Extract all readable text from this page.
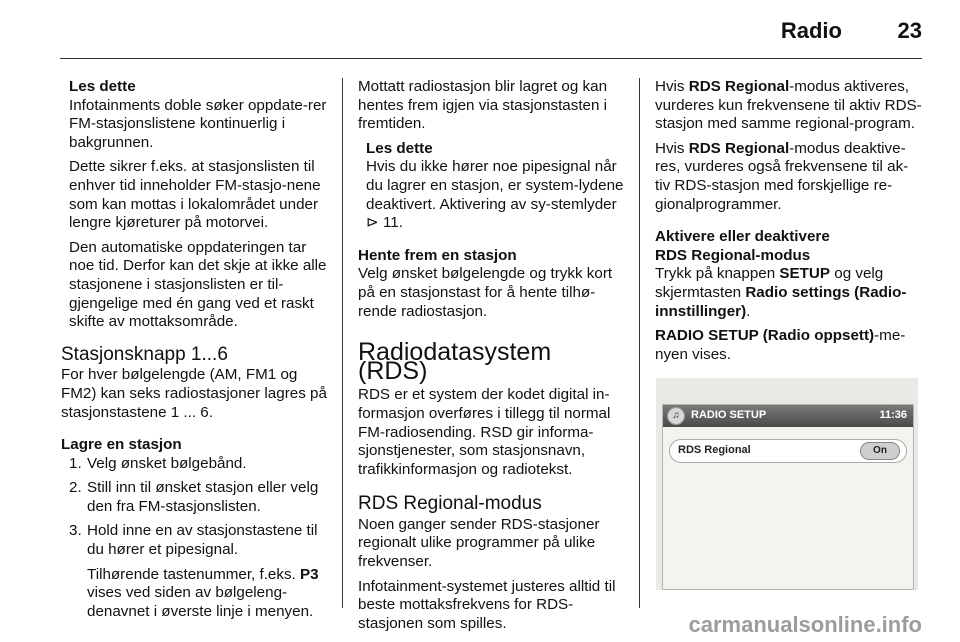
Radio	23

Les dette

Infotainments doble søker oppdate-rer FM-stasjonslistene kontinuerlig i bakgrunnen.

Dette sikrer f.eks. at stasjonslisten til enhver tid inneholder FM-stasjo-nene som kan mottas i lokalområdet under lengre kjøreturer på motorvei.

Den automatiske oppdateringen tar noe tid. Derfor kan det skje at ikke alle stasjonene i stasjonslisten er til-gjengelige med én gang ved et raskt skifte av mottaksområde.

Stasjonsknapp 1...6

For hver bølgelengde (AM, FM1 og FM2) kan seks radiostasjoner lagres på stasjonstastene 1 ... 6.

Lagre en stasjon
1. Velg ønsket bølgebånd.
2. Still inn til ønsket stasjon eller velg den fra FM-stasjonslisten.
3. Hold inne en av stasjonstastene til du hører et pipesignal.

Tilhørende tastenummer, f.eks. P3 vises ved siden av bølgeleng-denavnet i øverste linje i menyen.

Mottatt radiostasjon blir lagret og kan hentes frem igjen via stasjonstasten i fremtiden.

Les dette

Hvis du ikke hører noe pipesignal når du lagrer en stasjon, er system-lydene deaktivert. Aktivering av sy-stemlyder ⊳ 11.

Hente frem en stasjon

Velg ønsket bølgelengde og trykk kort på en stasjonstast for å hente tilhø-rende radiostasjon.

Radiodatasystem (RDS)

RDS er et system der kodet digital in-formasjon overføres i tillegg til normal FM-radiosending. RSD gir informa-sjonstjenester, som stasjonsnavn, trafikkinformasjon og radiotekst.

RDS Regional-modus

Noen ganger sender RDS-stasjoner regionalt ulike programmer på ulike frekvenser.

Infotainment-systemet justeres alltid til beste mottaksfrekvens for RDS-stasjonen som spilles.

Hvis RDS Regional-modus aktiveres, vurderes kun frekvensene til aktiv RDS-stasjon med samme regional-program.

Hvis RDS Regional-modus deaktive-res, vurderes også frekvensene til ak-tiv RDS-stasjon med forskjellige re-gionalprogrammer.

Aktivere eller deaktivere
RDS Regional-modus

Trykk på knappen SETUP og velg skjermtasten Radio settings (Radio-innstillinger).

RADIO SETUP (Radio oppsett)-me-nyen vises.

♫	RADIO SETUP	11:36
RDS Regional	On
carmanualsonline.info
